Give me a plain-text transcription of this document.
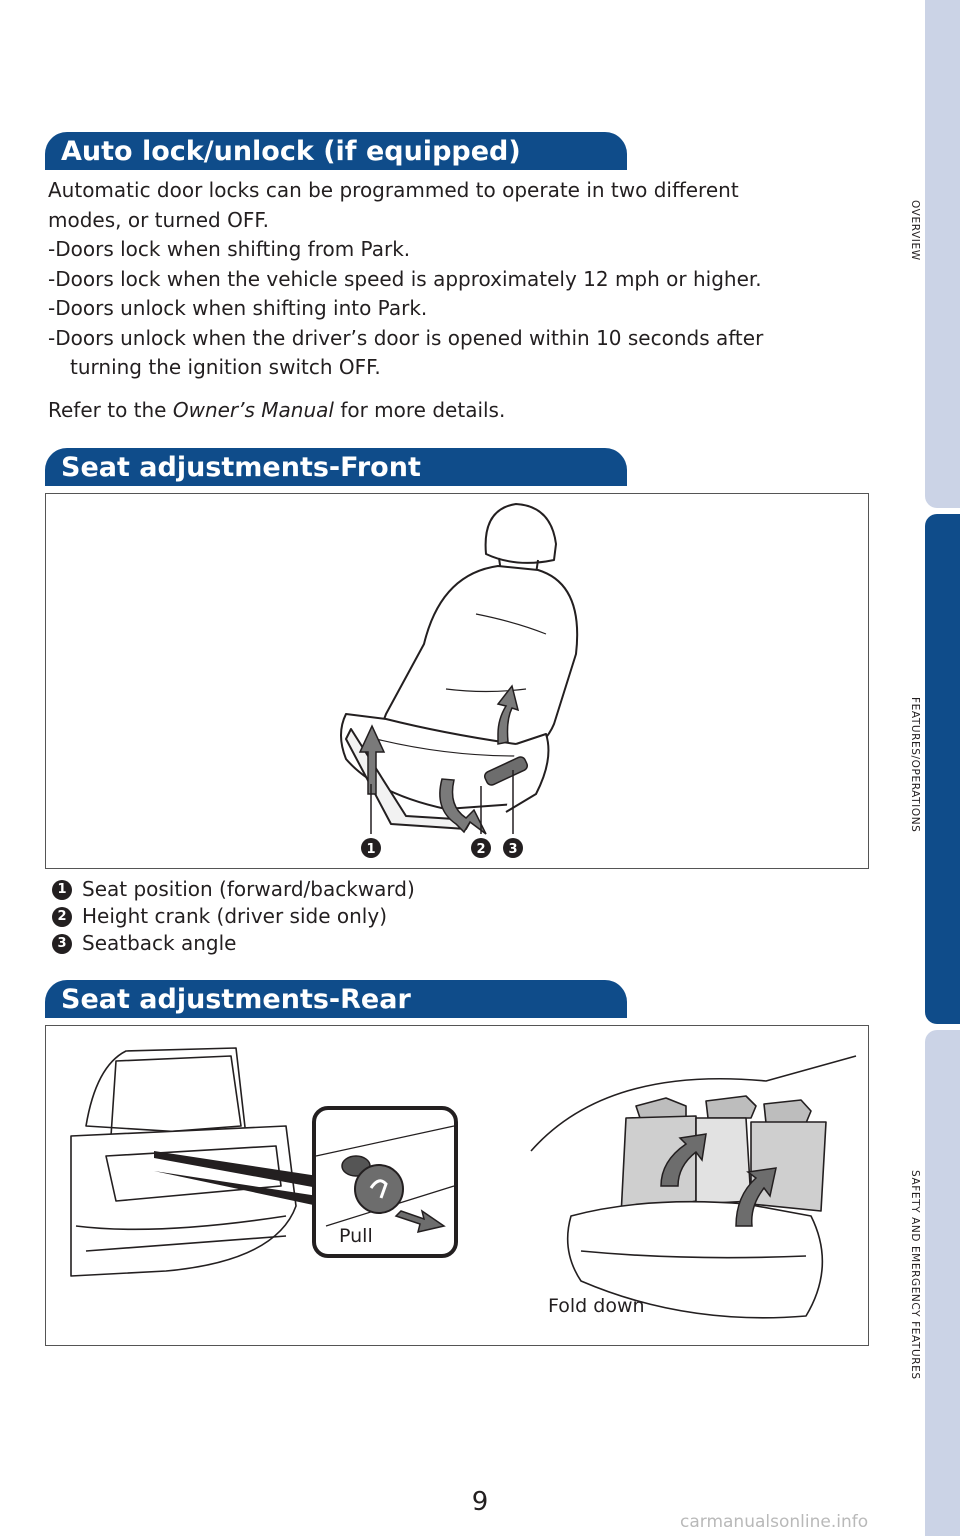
OVERVIEW
FEATURES/OPERATIONS
SAFETY AND EMERGENCY FEATURES
Auto lock/unlock (if equipped)

Automatic door locks can be programmed to operate in two different

modes, or turned OFF.

-Doors lock when shifting from Park.

-Doors lock when the vehicle speed is approximately 12 mph or higher.

-Doors unlock when shifting into Park.

-Doors unlock when the driver’s door is opened within 10 seconds after

turning the ignition switch OFF.

Refer to the Owner’s Manual for more details.

Seat adjustments-Front
1	2 3
1 Seat position (forward/backward)
2 Height crank (driver side only)
3 Seatback angle
Seat adjustments-Rear
Pull
Fold down
9
carmanualsonline.info
